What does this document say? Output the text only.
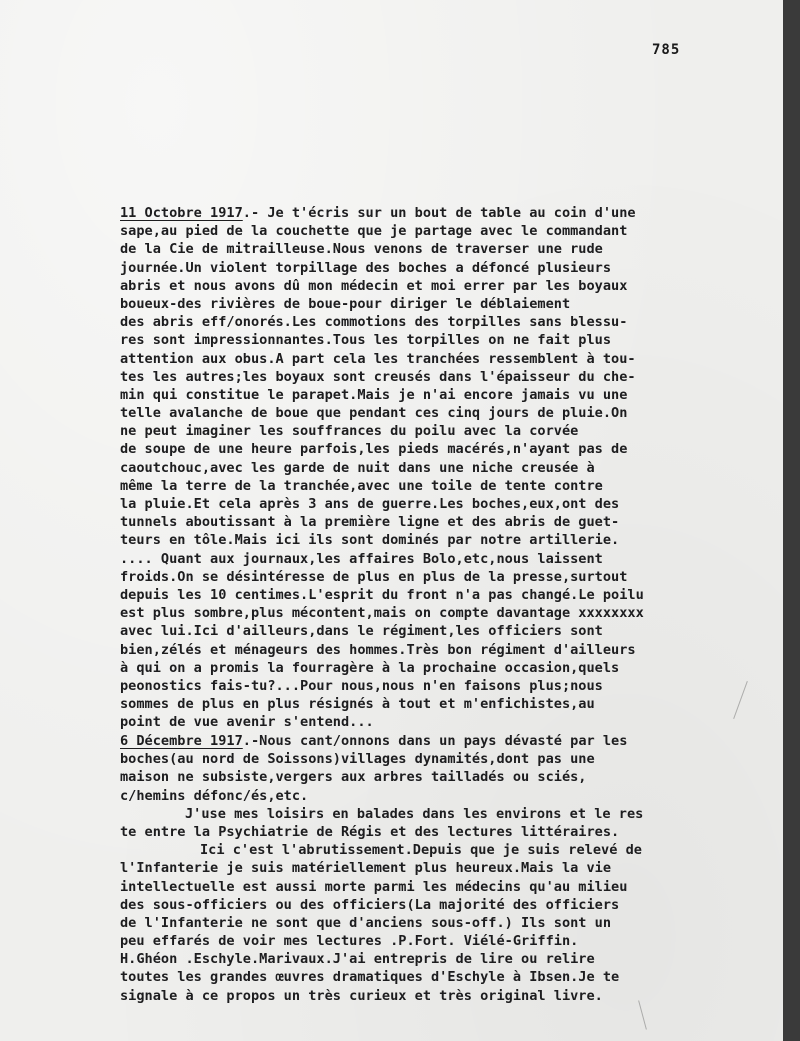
785
11 Octobre 1917.- Je t'écris sur un bout de table au coin d'une
sape,au pied de la couchette que je partage avec le commandant
de la Cie de mitrailleuse.Nous venons de traverser une rude
journée.Un violent torpillage des boches a défoncé plusieurs
abris et nous avons dû mon médecin et moi errer par les boyaux
boueux-des rivières de boue-pour diriger le déblaiement
des abris eff/onorés.Les commotions des torpilles sans blessu-
res sont impressionnantes.Tous les torpilles on ne fait plus
attention aux obus.A part cela les tranchées ressemblent à tou-
tes les autres;les boyaux sont creusés dans l'épaisseur du che-
min qui constitue le parapet.Mais je n'ai encore jamais vu une
telle avalanche de boue que pendant ces cinq jours de pluie.On
ne peut imaginer les souffrances du poilu avec la corvée
de soupe de une heure parfois,les pieds macérés,n'ayant pas de
caoutchouc,avec les garde de nuit dans une niche creusée à
même la terre de la tranchée,avec une toile de tente contre
la pluie.Et cela après 3 ans de guerre.Les boches,eux,ont des
tunnels aboutissant à la première ligne et des abris de guet-
teurs en tôle.Mais ici ils sont dominés par notre artillerie.
.... Quant aux journaux,les affaires Bolo,etc,nous laissent
froids.On se désintéresse de plus en plus de la presse,surtout
depuis les 10 centimes.L'esprit du front n'a pas changé.Le poilu
est plus sombre,plus mécontent,mais on compte davantage xxxxxxxx
avec lui.Ici d'ailleurs,dans le régiment,les officiers sont
bien,zélés et ménageurs des hommes.Très bon régiment d'ailleurs
à qui on a promis la fourragère à la prochaine occasion,quels
peonostics fais-tu?...Pour nous,nous n'en faisons plus;nous
sommes de plus en plus résignés à tout et m'enfichistes,au
point de vue avenir s'entend...
6 Décembre 1917.-Nous cant/onnons dans un pays dévasté par les
boches(au nord de Soissons)villages dynamités,dont pas une
maison ne subsiste,vergers aux arbres tailladés ou sciés,
c/hemins défonc/és,etc.
J'use mes loisirs en balades dans les environs et le res
te entre la Psychiatrie de Régis et des lectures littéraires.
Ici c'est l'abrutissement.Depuis que je suis relevé de
l'Infanterie je suis matériellement plus heureux.Mais la vie
intellectuelle est aussi morte parmi les médecins qu'au milieu
des sous-officiers ou des officiers(La majorité des officiers
de l'Infanterie ne sont que d'anciens sous-off.) Ils sont un
peu effarés de voir mes lectures .P.Fort. Viélé-Griffin.
H.Ghéon .Eschyle.Marivaux.J'ai entrepris de lire ou relire
toutes les grandes œuvres dramatiques d'Eschyle à Ibsen.Je te
signale à ce propos un très curieux et très original livre.
